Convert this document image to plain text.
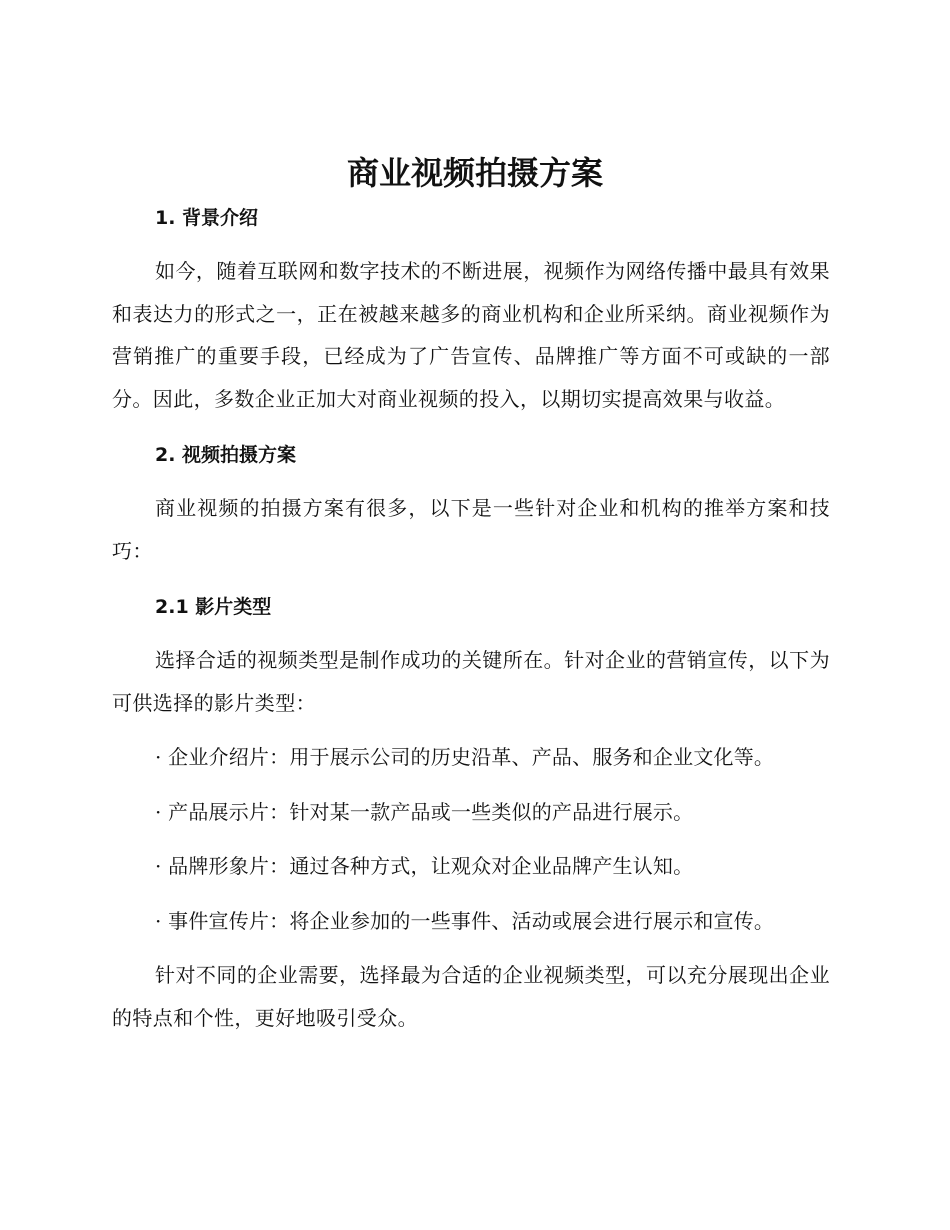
商业视频拍摄方案
1. 背景介绍

如今，随着互联网和数字技术的不断进展，视频作为网络传播中最具有效果和表达力的形式之一，正在被越来越多的商业机构和企业所采纳。商业视频作为营销推广的重要手段，已经成为了广告宣传、品牌推广等方面不可或缺的一部分。因此，多数企业正加大对商业视频的投入，以期切实提高效果与收益。

2. 视频拍摄方案

商业视频的拍摄方案有很多，以下是一些针对企业和机构的推举方案和技巧：

2.1 影片类型

选择合适的视频类型是制作成功的关键所在。针对企业的营销宣传，以下为可供选择的影片类型：

· 企业介绍片：用于展示公司的历史沿革、产品、服务和企业文化等。

· 产品展示片：针对某一款产品或一些类似的产品进行展示。

· 品牌形象片：通过各种方式，让观众对企业品牌产生认知。

· 事件宣传片：将企业参加的一些事件、活动或展会进行展示和宣传。

针对不同的企业需要，选择最为合适的企业视频类型，可以充分展现出企业的特点和个性，更好地吸引受众。
